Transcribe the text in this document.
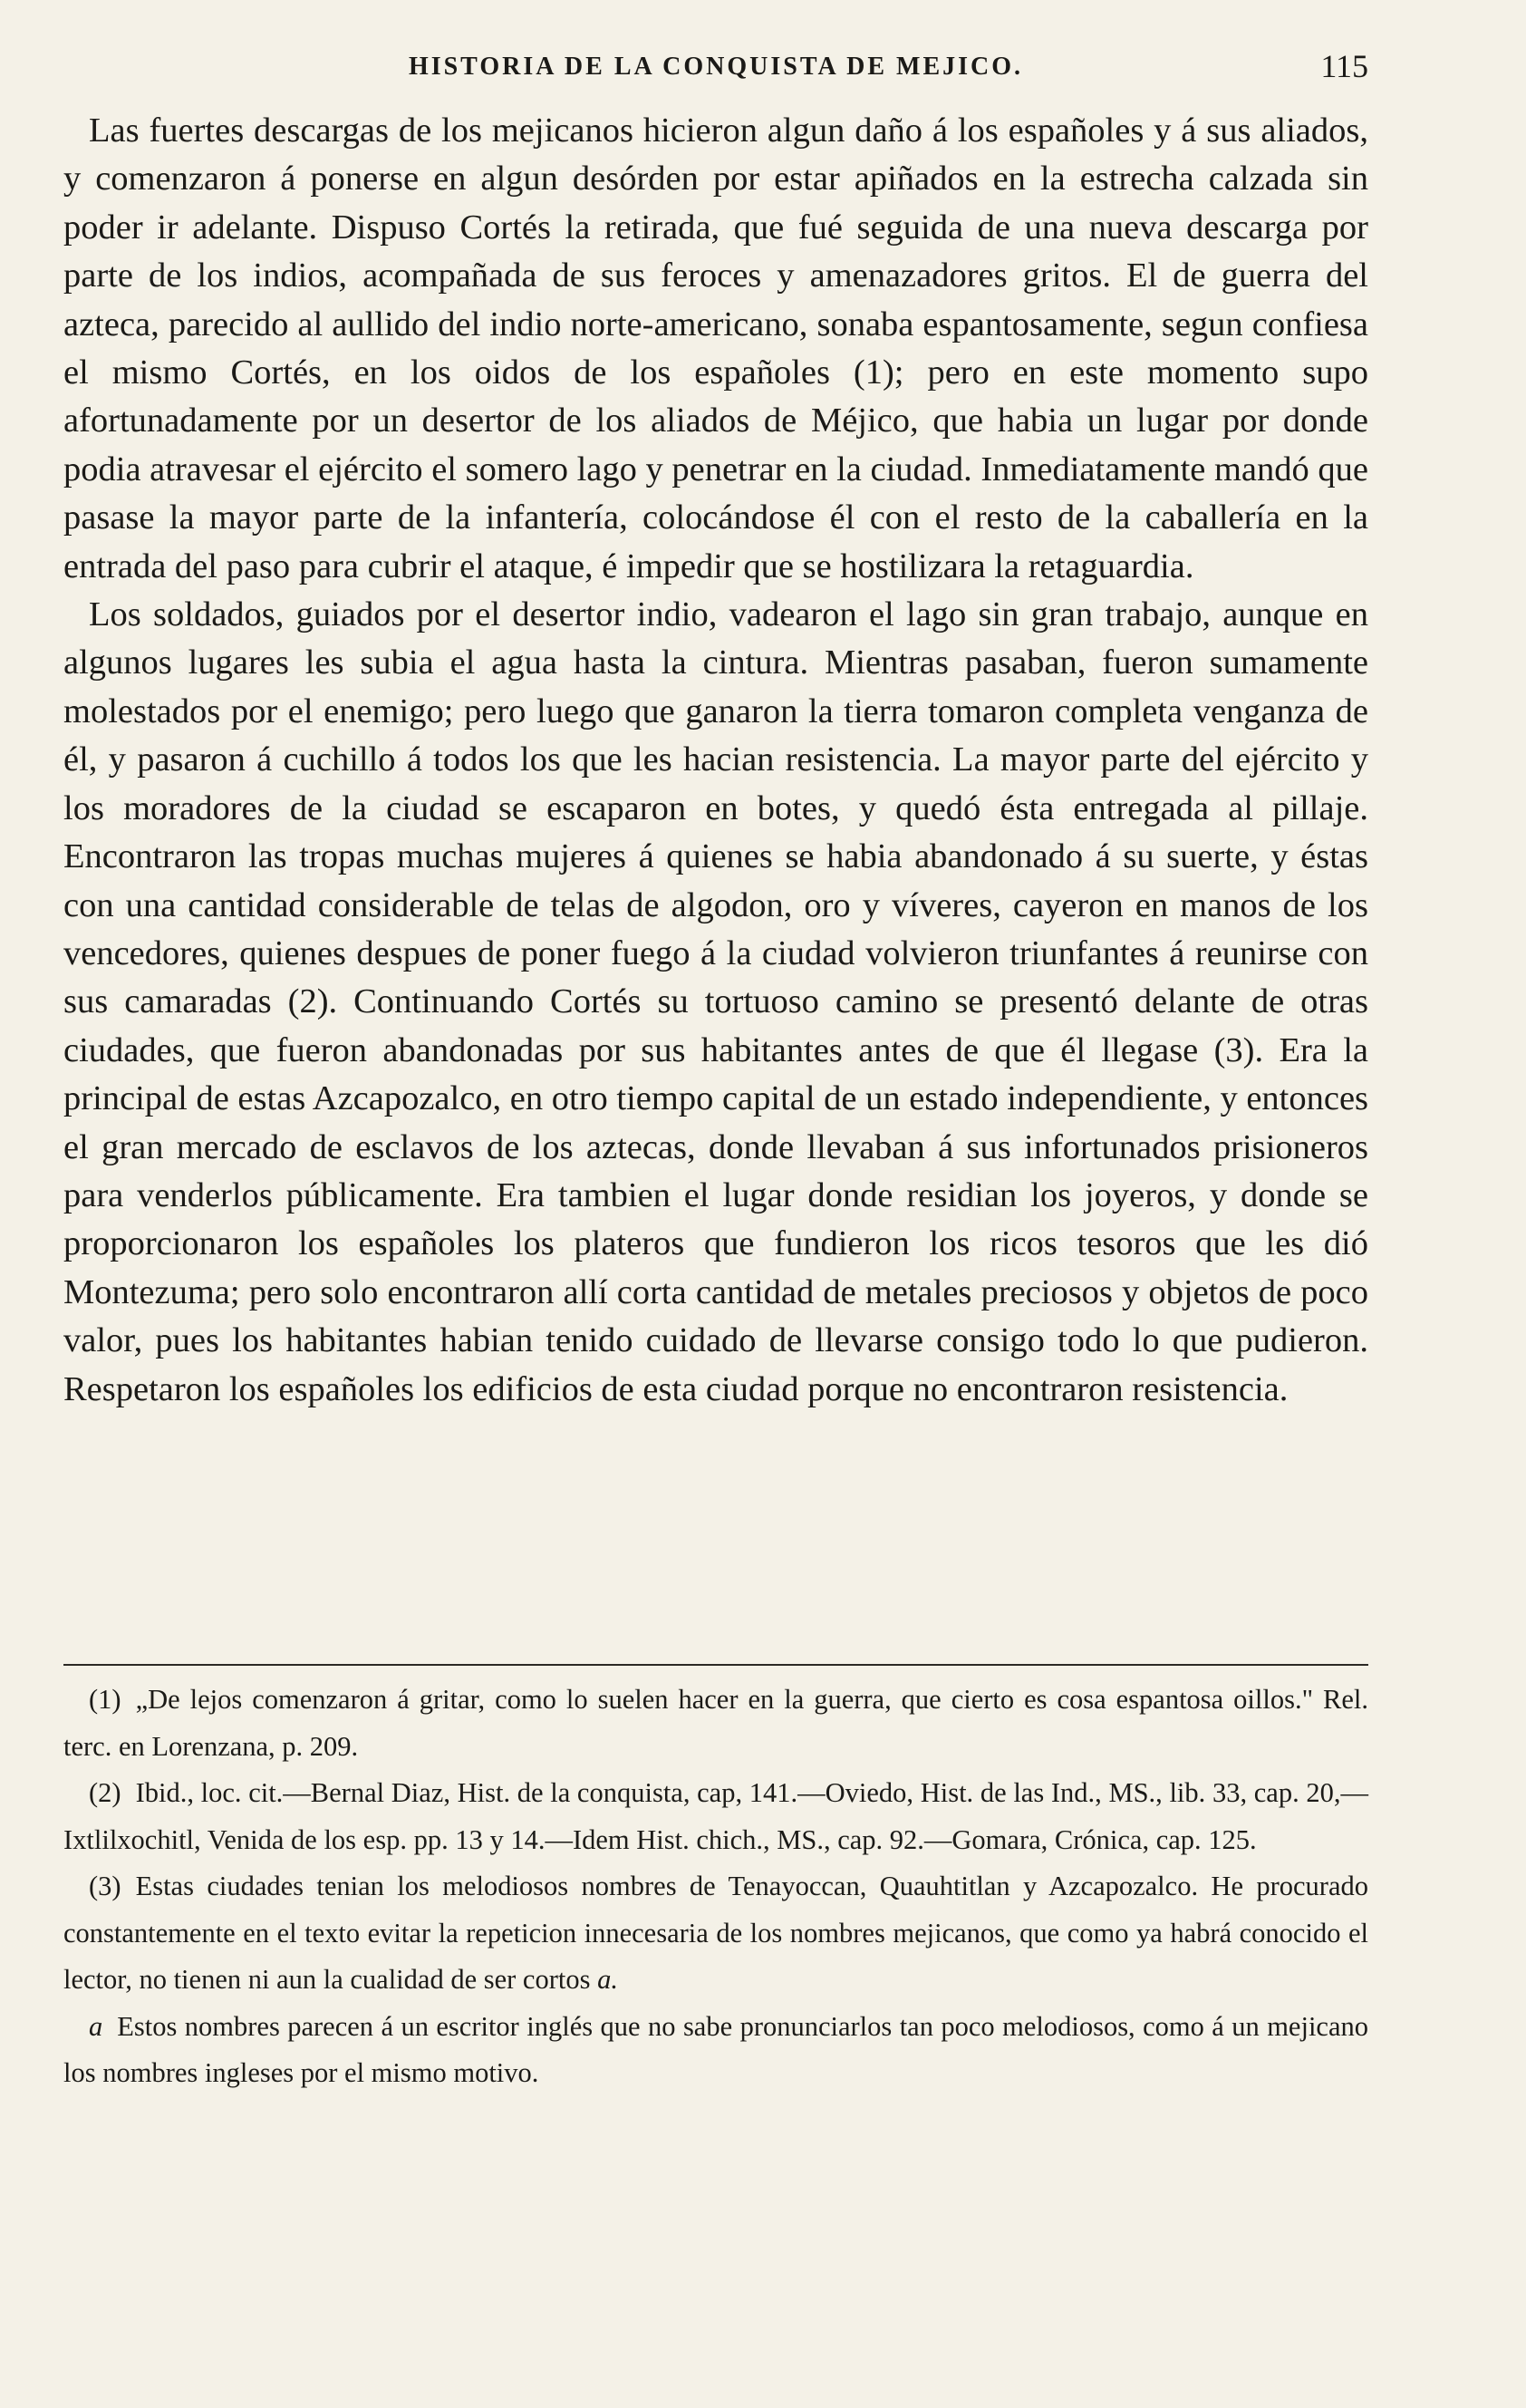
HISTORIA DE LA CONQUISTA DE MEJICO.	115

Las fuertes descargas de los mejicanos hicieron algun daño á los españoles y á sus aliados, y comenzaron á ponerse en algun desórden por estar apiñados en la estrecha calzada sin poder ir adelante. Dispuso Cortés la retirada, que fué seguida de una nueva descarga por parte de los indios, acompañada de sus feroces y amenazadores gritos. El de guerra del azteca, parecido al aullido del indio norte-americano, sonaba espantosamente, segun confiesa el mismo Cortés, en los oidos de los españoles (1); pero en este momento supo afortunadamente por un desertor de los aliados de Méjico, que habia un lugar por donde podia atravesar el ejército el somero lago y penetrar en la ciudad. Inmediatamente mandó que pasase la mayor parte de la infantería, colocándose él con el resto de la caballería en la entrada del paso para cubrir el ataque, é impedir que se hostilizara la retaguardia.

Los soldados, guiados por el desertor indio, vadearon el lago sin gran trabajo, aunque en algunos lugares les subia el agua hasta la cintura. Mientras pasaban, fueron sumamente molestados por el enemigo; pero luego que ganaron la tierra tomaron completa venganza de él, y pasaron á cuchillo á todos los que les hacian resistencia. La mayor parte del ejército y los moradores de la ciudad se escaparon en botes, y quedó ésta entregada al pillaje. Encontraron las tropas muchas mujeres á quienes se habia abandonado á su suerte, y éstas con una cantidad considerable de telas de algodon, oro y víveres, cayeron en manos de los vencedores, quienes despues de poner fuego á la ciudad volvieron triunfantes á reunirse con sus camaradas (2). Continuando Cortés su tortuoso camino se presentó delante de otras ciudades, que fueron abandonadas por sus habitantes antes de que él llegase (3). Era la principal de estas Azcapozalco, en otro tiempo capital de un estado independiente, y entonces el gran mercado de esclavos de los aztecas, donde llevaban á sus infortunados prisioneros para venderlos públicamente. Era tambien el lugar donde residian los joyeros, y donde se proporcionaron los españoles los plateros que fundieron los ricos tesoros que les dió Montezuma; pero solo encontraron allí corta cantidad de metales preciosos y objetos de poco valor, pues los habitantes habian tenido cuidado de llevarse consigo todo lo que pudieron. Respetaron los españoles los edificios de esta ciudad porque no encontraron resistencia.

(1) „De lejos comenzaron á gritar, como lo suelen hacer en la guerra, que cierto es cosa espantosa oillos." Rel. terc. en Lorenzana, p. 209.

(2) Ibid., loc. cit.—Bernal Diaz, Hist. de la conquista, cap, 141.—Oviedo, Hist. de las Ind., MS., lib. 33, cap. 20,—Ixtlilxochitl, Venida de los esp. pp. 13 y 14.—Idem Hist. chich., MS., cap. 92.—Gomara, Crónica, cap. 125.

(3) Estas ciudades tenian los melodiosos nombres de Tenayoccan, Quauhtitlan y Azcapozalco. He procurado constantemente en el texto evitar la repeticion innecesaria de los nombres mejicanos, que como ya habrá conocido el lector, no tienen ni aun la cualidad de ser cortos a.

a Estos nombres parecen á un escritor inglés que no sabe pronunciarlos tan poco melodiosos, como á un mejicano los nombres ingleses por el mismo motivo.
